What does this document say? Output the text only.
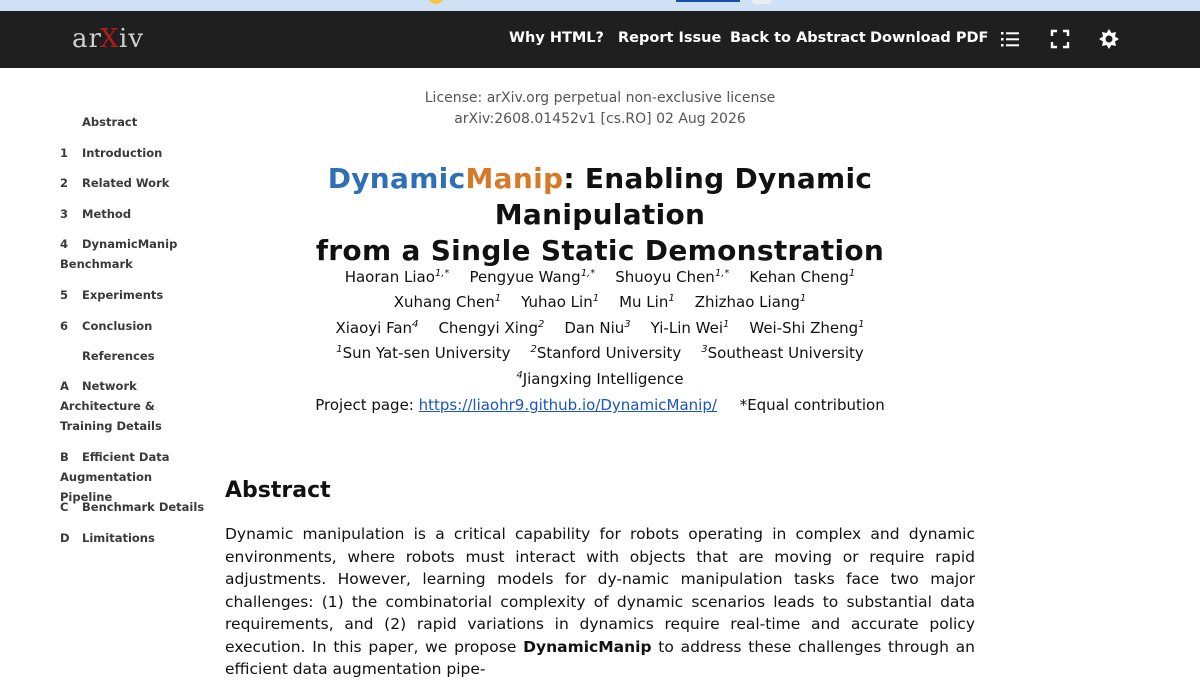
ar
X iv	Why HTML? Report Issue Back to Abstract Download PDF
Abstract
1 Introduction
2 Related Work
3 Method
4 DynamicManip Benchmark
5 Experiments
6 Conclusion
References
A Network Architecture & Training Details
B Efficient Data Augmentation Pipeline
C Benchmark Details
D Limitations
License: arXiv.org perpetual non-exclusive license
arXiv:2608.01452v1 [cs.RO] 02 Aug 2026
DynamicManip: Enabling Dynamic Manipulation
from a Single Static Demonstration
Haoran Liao$^{1,*}$ Pengyue Wang$^{1,*}$ Shuoyu Chen$^{1,*}$ Kehan Cheng$^1$
Xuhang Chen$^1$ Yuhao Lin$^1$ Mu Lin$^1$ Zhizhao Liang$^1$
Xiaoyi Fan$^4$ Chengyi Xing$^2$ Dan Niu$^3$ Yi-Lin Wei$^1$ Wei-Shi Zheng$^1$
$^1$Sun Yat-sen University $^2$Stanford University $^3$Southeast University
$^4$Jiangxing Intelligence
Project page: https://liaohr9.github.io/DynamicManip/ *Equal contribution
Abstract

Dynamic manipulation is a critical capability for robots operating in complex and dynamic environments, where robots must interact with objects that are moving or require rapid adjustments. However, learning models for dy-namic manipulation tasks face two major challenges: (1) the combinatorial complexity of dynamic scenarios leads to substantial data requirements, and (2) rapid variations in dynamics require real-time and accurate policy execution. In this paper, we propose DynamicManip to address these challenges through an efficient data augmentation pipe-
